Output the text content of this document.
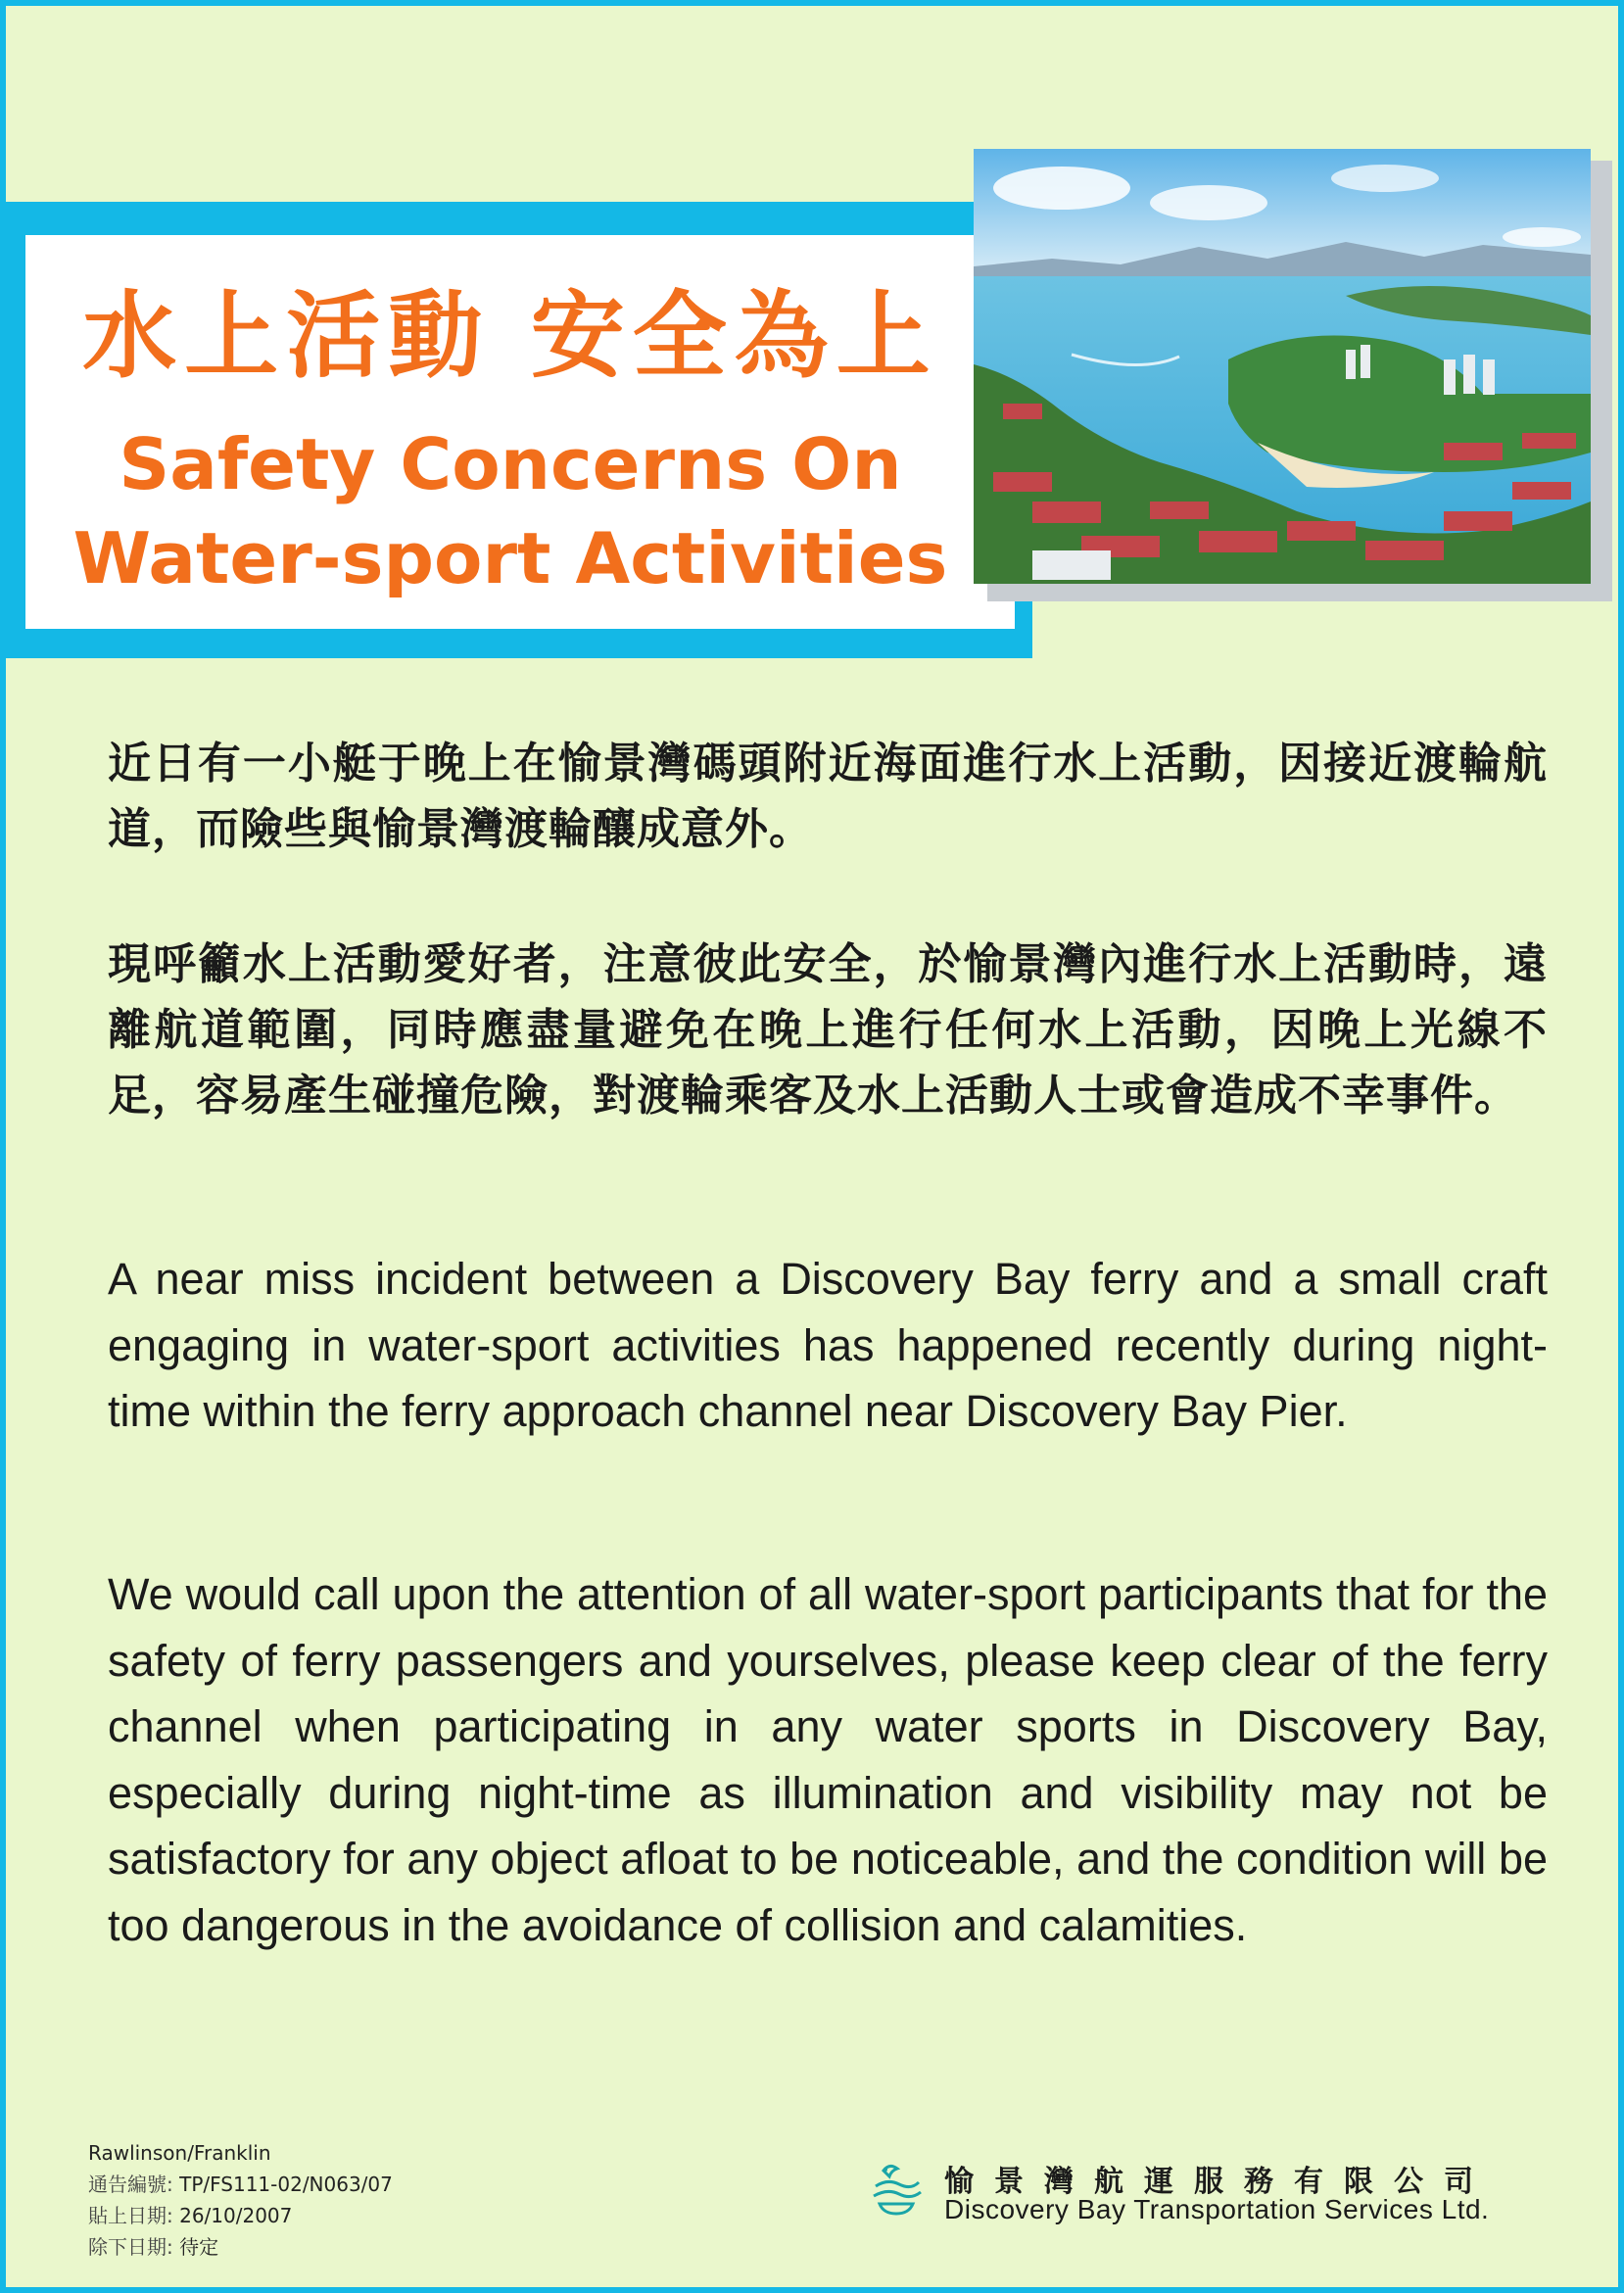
水上活動 安全為上
Safety Concerns On
Water-sport Activities
近日有一小艇于晚上在愉景灣碼頭附近海面進行水上活動，因接近渡輪航道，而險些與愉景灣渡輪釀成意外。
現呼籲水上活動愛好者，注意彼此安全，於愉景灣內進行水上活動時，遠離航道範圍，同時應盡量避免在晚上進行任何水上活動，因晚上光線不足，容易產生碰撞危險，對渡輪乘客及水上活動人士或會造成不幸事件。
A near miss incident between a Discovery Bay ferry and a small craft engaging in water-sport activities has happened recently during night-time within the ferry approach channel near Discovery Bay Pier.
We would call upon the attention of all water-sport participants that for the safety of ferry passengers and yourselves, please keep clear of the ferry channel when participating in any water sports in Discovery Bay, especially during night-time as illumination and visibility may not be satisfactory for any object afloat to be noticeable, and the condition will be too dangerous in the avoidance of collision and calamities.
Rawlinson/Franklin
通告編號: TP/FS111-02/N063/07
貼上日期: 26/10/2007
除下日期: 待定
愉景灣航運服務有限公司
Discovery Bay Transportation Services Ltd.
